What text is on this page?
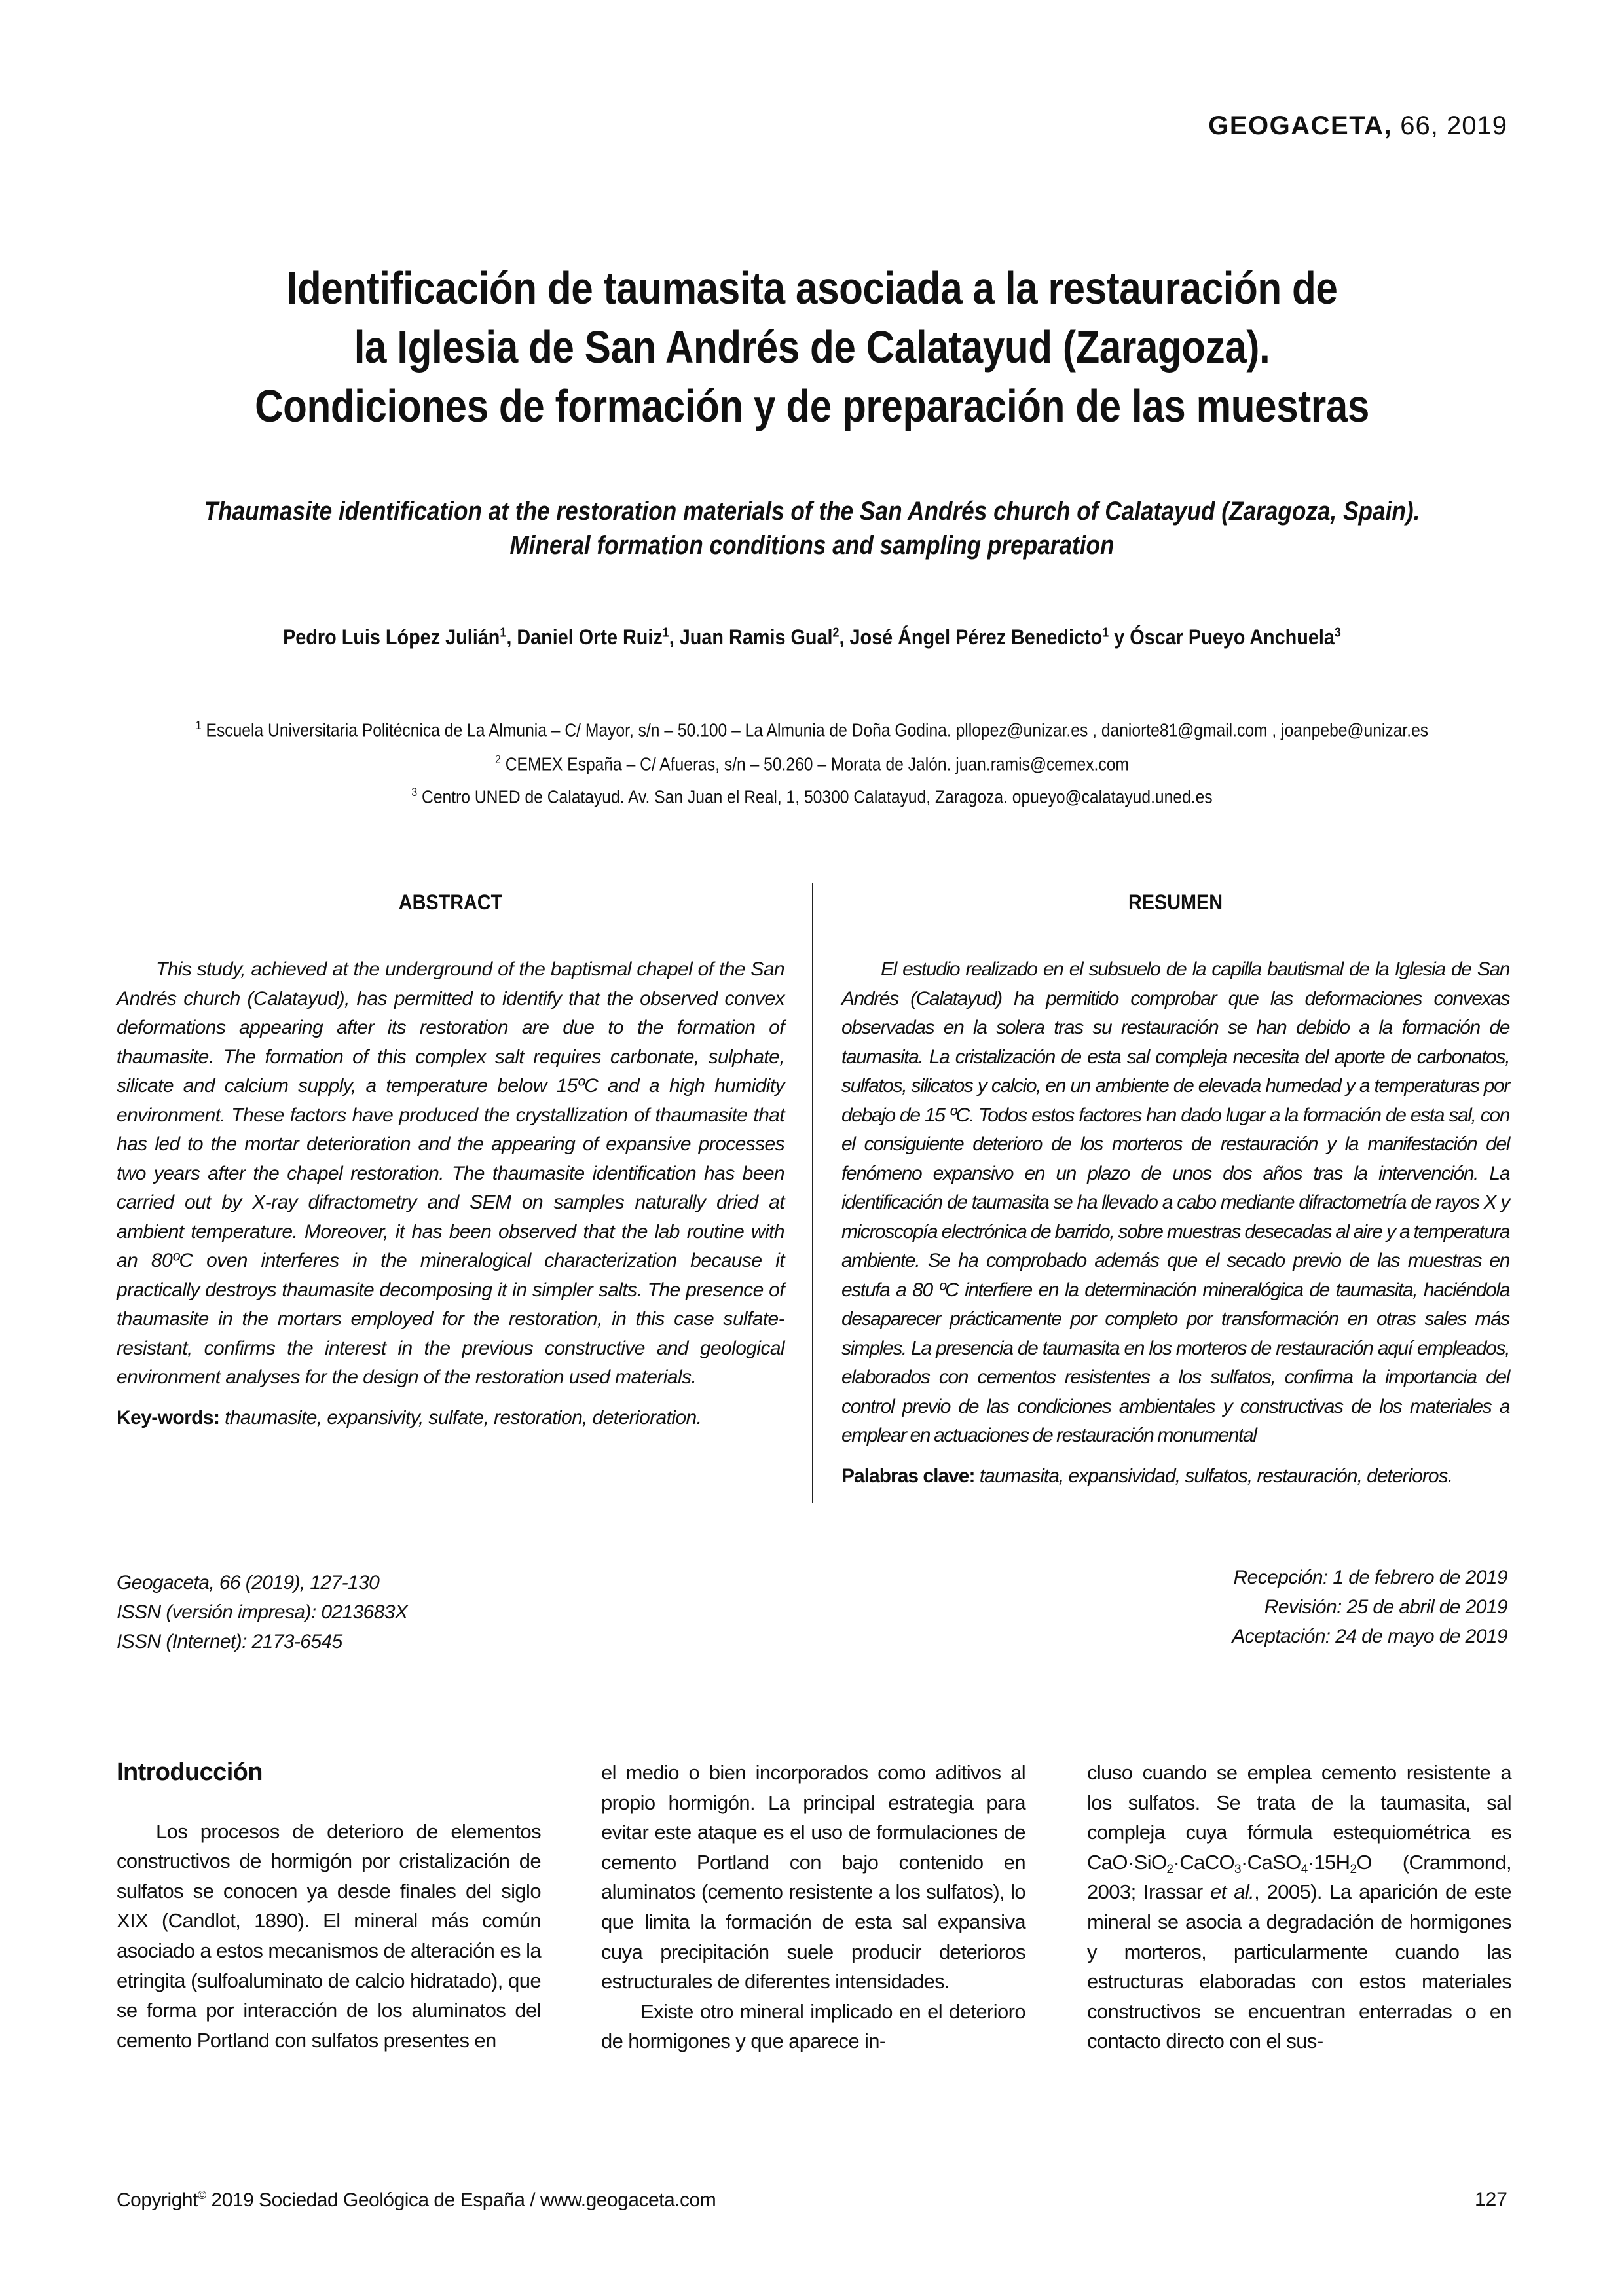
GEOGACETA, 66, 2019
Identificación de taumasita asociada a la restauración de
la Iglesia de San Andrés de Calatayud (Zaragoza).
Condiciones de formación y de preparación de las muestras
Thaumasite identification at the restoration materials of the San Andrés church of Calatayud (Zaragoza, Spain).
Mineral formation conditions and sampling preparation
Pedro Luis López Julián$^1$, Daniel Orte Ruiz$^1$, Juan Ramis Gual$^2$, José Ángel Pérez Benedicto$^1$ y Óscar Pueyo Anchuela$^3$
$^1$ Escuela Universitaria Politécnica de La Almunia – C/ Mayor, s/n – 50.100 – La Almunia de Doña Godina. pllopez@unizar.es , daniorte81@gmail.com , joanpebe@unizar.es
$^2$ CEMEX España – C/ Afueras, s/n – 50.260 – Morata de Jalón. juan.ramis@cemex.com
$^3$ Centro UNED de Calatayud. Av. San Juan el Real, 1, 50300 Calatayud, Zaragoza. opueyo@calatayud.uned.es
ABSTRACT

This study, achieved at the underground of the baptismal chapel of the San Andrés church (Calatayud), has permitted to identify that the observed convex deformations appearing after its restoration are due to the formation of thaumasite. The formation of this complex salt requires carbonate, sulphate, silicate and calcium supply, a temperature below 15ºC and a high humidity environment. These factors have produced the crystallization of thaumasite that has led to the mortar deterioration and the appearing of expansive processes two years after the chapel restoration. The thaumasite identification has been carried out by X-ray difractometry and SEM on samples naturally dried at ambient temperature. Moreover, it has been observed that the lab routine with an 80ºC oven interferes in the mineralogical characterization because it practically destroys thaumasite decomposing it in simpler salts. The presence of thaumasite in the mortars employed for the restoration, in this case sulfate-resistant, confirms the interest in the previous constructive and geological environment analyses for the design of the restoration used materials.

Key-words: thaumasite, expansivity, sulfate, restoration, deterioration.
RESUMEN

El estudio realizado en el subsuelo de la capilla bautismal de la Iglesia de San Andrés (Calatayud) ha permitido comprobar que las deformaciones convexas observadas en la solera tras su restauración se han debido a la formación de taumasita. La cristalización de esta sal compleja necesita del aporte de carbonatos, sulfatos, silicatos y calcio, en un ambiente de elevada humedad y a temperaturas por debajo de 15 ºC. Todos estos factores han dado lugar a la formación de esta sal, con el consiguiente deterioro de los morteros de restauración y la manifestación del fenómeno expansivo en un plazo de unos dos años tras la intervención. La identificación de taumasita se ha llevado a cabo mediante difractometría de rayos X y microscopía electrónica de barrido, sobre muestras desecadas al aire y a temperatura ambiente. Se ha comprobado además que el secado previo de las muestras en estufa a 80 ºC interfiere en la determinación mineralógica de taumasita, haciéndola desaparecer prácticamente por completo por transformación en otras sales más simples. La presencia de taumasita en los morteros de restauración aquí empleados, elaborados con cementos resistentes a los sulfatos, confirma la importancia del control previo de las condiciones ambientales y constructivas de los materiales a emplear en actuaciones de restauración monumental

Palabras clave: taumasita, expansividad, sulfatos, restauración, deterioros.
Geogaceta, 66 (2019), 127-130
ISSN (versión impresa): 0213683X
ISSN (Internet): 2173-6545
Recepción: 1 de febrero de 2019
Revisión: 25 de abril de 2019
Aceptación: 24 de mayo de 2019
Introducción

Los procesos de deterioro de elementos constructivos de hormigón por cristalización de sulfatos se conocen ya desde finales del siglo XIX (Candlot, 1890). El mineral más común asociado a estos mecanismos de alteración es la etringita (sulfoaluminato de calcio hidratado), que se forma por interacción de los aluminatos del cemento Portland con sulfatos presentes en

el medio o bien incorporados como aditivos al propio hormigón. La principal estrategia para evitar este ataque es el uso de formulaciones de cemento Portland con bajo contenido en aluminatos (cemento resistente a los sulfatos), lo que limita la formación de esta sal expansiva cuya precipitación suele producir deterioros estructurales de diferentes intensidades.

Existe otro mineral implicado en el deterioro de hormigones y que aparece in-

cluso cuando se emplea cemento resistente a los sulfatos. Se trata de la taumasita, sal compleja cuya fórmula estequiométrica es $CaO\cdot SiO_2\cdot CaCO_3\cdot CaSO_4\cdot 15H_2O$ (Crammond, 2003; Irassar et al., 2005). La aparición de este mineral se asocia a degradación de hormigones y morteros, particularmente cuando las estructuras elaboradas con estos materiales constructivos se encuentran enterradas o en contacto directo con el sus-

Copyright© 2019 Sociedad Geológica de España / www.geogaceta.com	127
